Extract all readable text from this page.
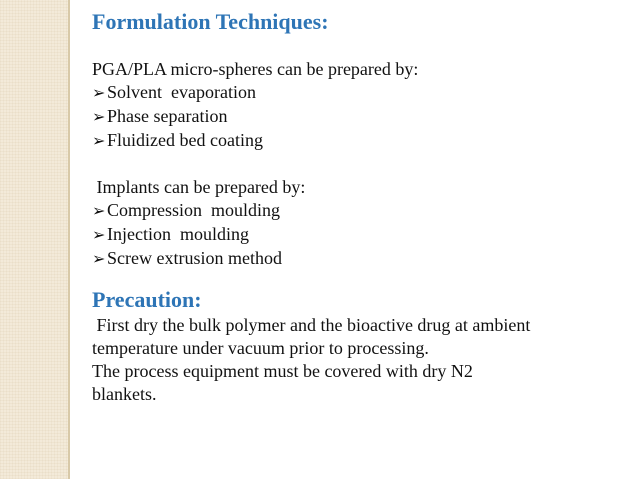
Formulation Techniques:
PGA/PLA micro-spheres can be prepared by:
➢ Solvent  evaporation
➢ Phase separation
➢ Fluidized bed coating
Implants can be prepared by:
➢ Compression  moulding
➢ Injection  moulding
➢ Screw extrusion method
Precaution:
First dry the bulk polymer and the bioactive drug at ambient
temperature under vacuum prior to processing.
The process equipment must be covered with dry N2
blankets.
